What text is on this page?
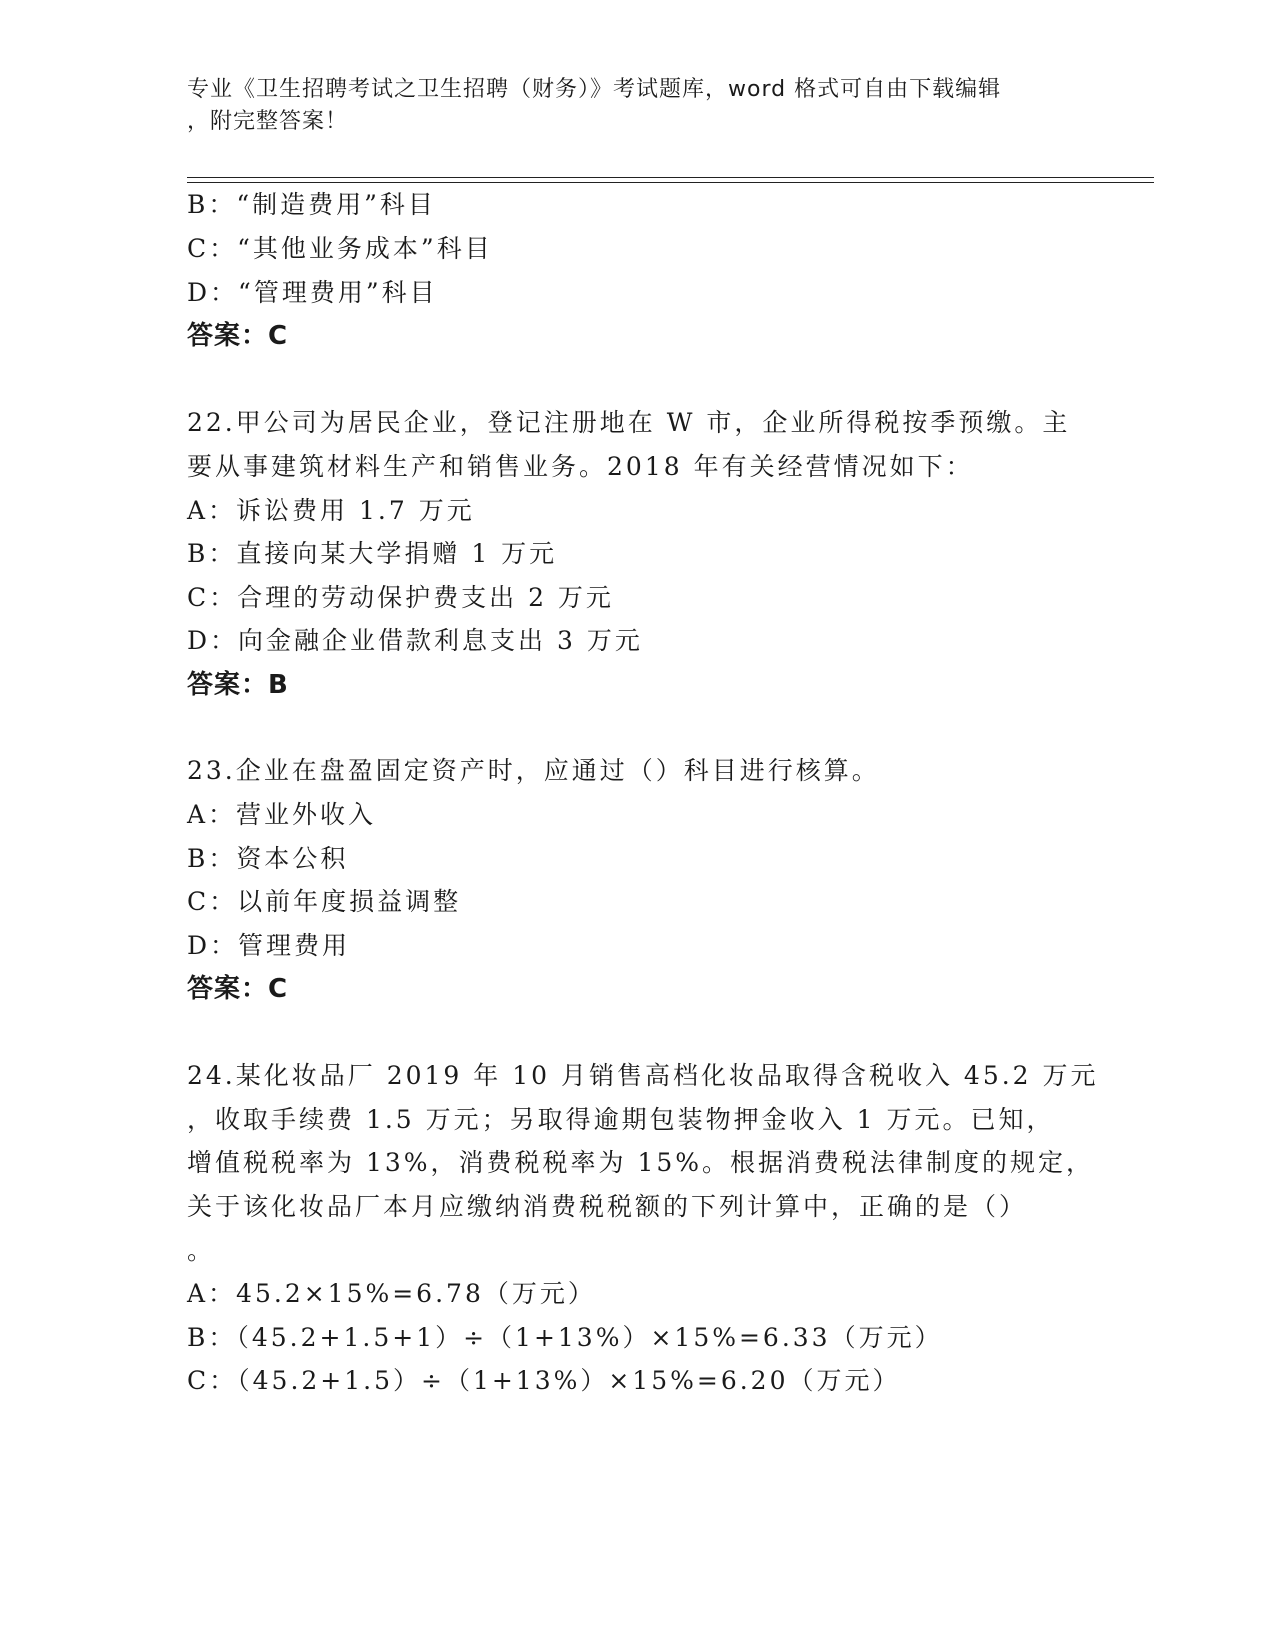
专业《卫生招聘考试之卫生招聘（财务）》考试题库，word 格式可自由下载编辑
，附完整答案！
B：“制造费用”科目
C：“其他业务成本”科目
D：“管理费用”科目
答案：C
22.甲公司为居民企业，登记注册地在 W 市，企业所得税按季预缴。主
要从事建筑材料生产和销售业务。2018 年有关经营情况如下：
A：诉讼费用 1.7 万元
B：直接向某大学捐赠 1 万元
C：合理的劳动保护费支出 2 万元
D：向金融企业借款利息支出 3 万元
答案：B
23.企业在盘盈固定资产时，应通过（）科目进行核算。
A：营业外收入
B：资本公积
C：以前年度损益调整
D：管理费用
答案：C
24.某化妆品厂 2019 年 10 月销售高档化妆品取得含税收入 45.2 万元
，收取手续费 1.5 万元；另取得逾期包装物押金收入 1 万元。已知，
增值税税率为 13%，消费税税率为 15%。根据消费税法律制度的规定，
关于该化妆品厂本月应缴纳消费税税额的下列计算中，正确的是（）
。
A：45.2×15%=6.78（万元）
B：（45.2+1.5+1）÷（1+13%）×15%=6.33（万元）
C：（45.2+1.5）÷（1+13%）×15%=6.20（万元）
